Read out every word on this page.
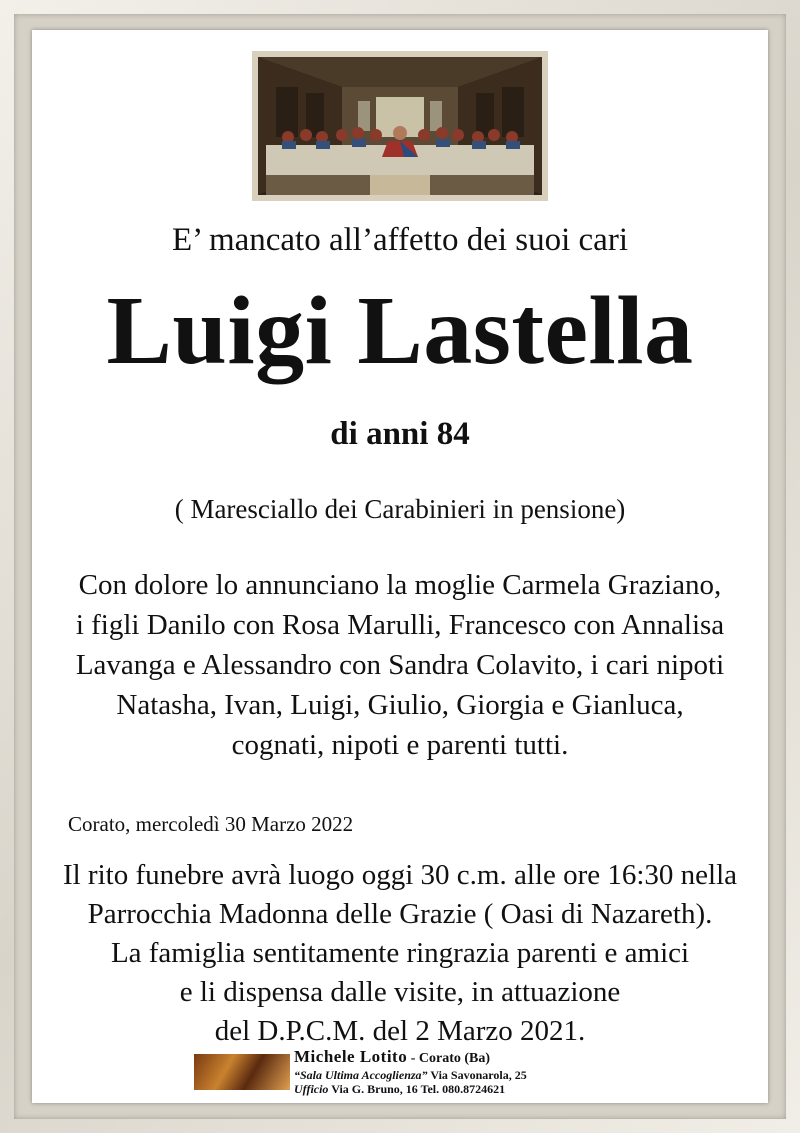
E’ mancato all’affetto dei suoi cari
Luigi Lastella
di anni 84
( Maresciallo dei Carabinieri in pensione)
Con dolore lo annunciano la moglie Carmela Graziano,
i figli Danilo con Rosa Marulli, Francesco con Annalisa
Lavanga e Alessandro con Sandra Colavito, i cari nipoti
Natasha, Ivan, Luigi, Giulio, Giorgia e Gianluca,
cognati, nipoti e parenti tutti.
Corato, mercoledì 30 Marzo 2022
Il rito funebre avrà luogo oggi 30 c.m. alle ore 16:30 nella
Parrocchia Madonna delle Grazie ( Oasi di Nazareth).
La famiglia sentitamente ringrazia parenti e amici
e li dispensa dalle visite, in attuazione
del D.P.C.M. del 2 Marzo 2021.
Michele Lotito - Corato (Ba)
“Sala Ultima Accoglienza” Via Savonarola, 25
Ufficio Via G. Bruno, 16 Tel. 080.8724621
